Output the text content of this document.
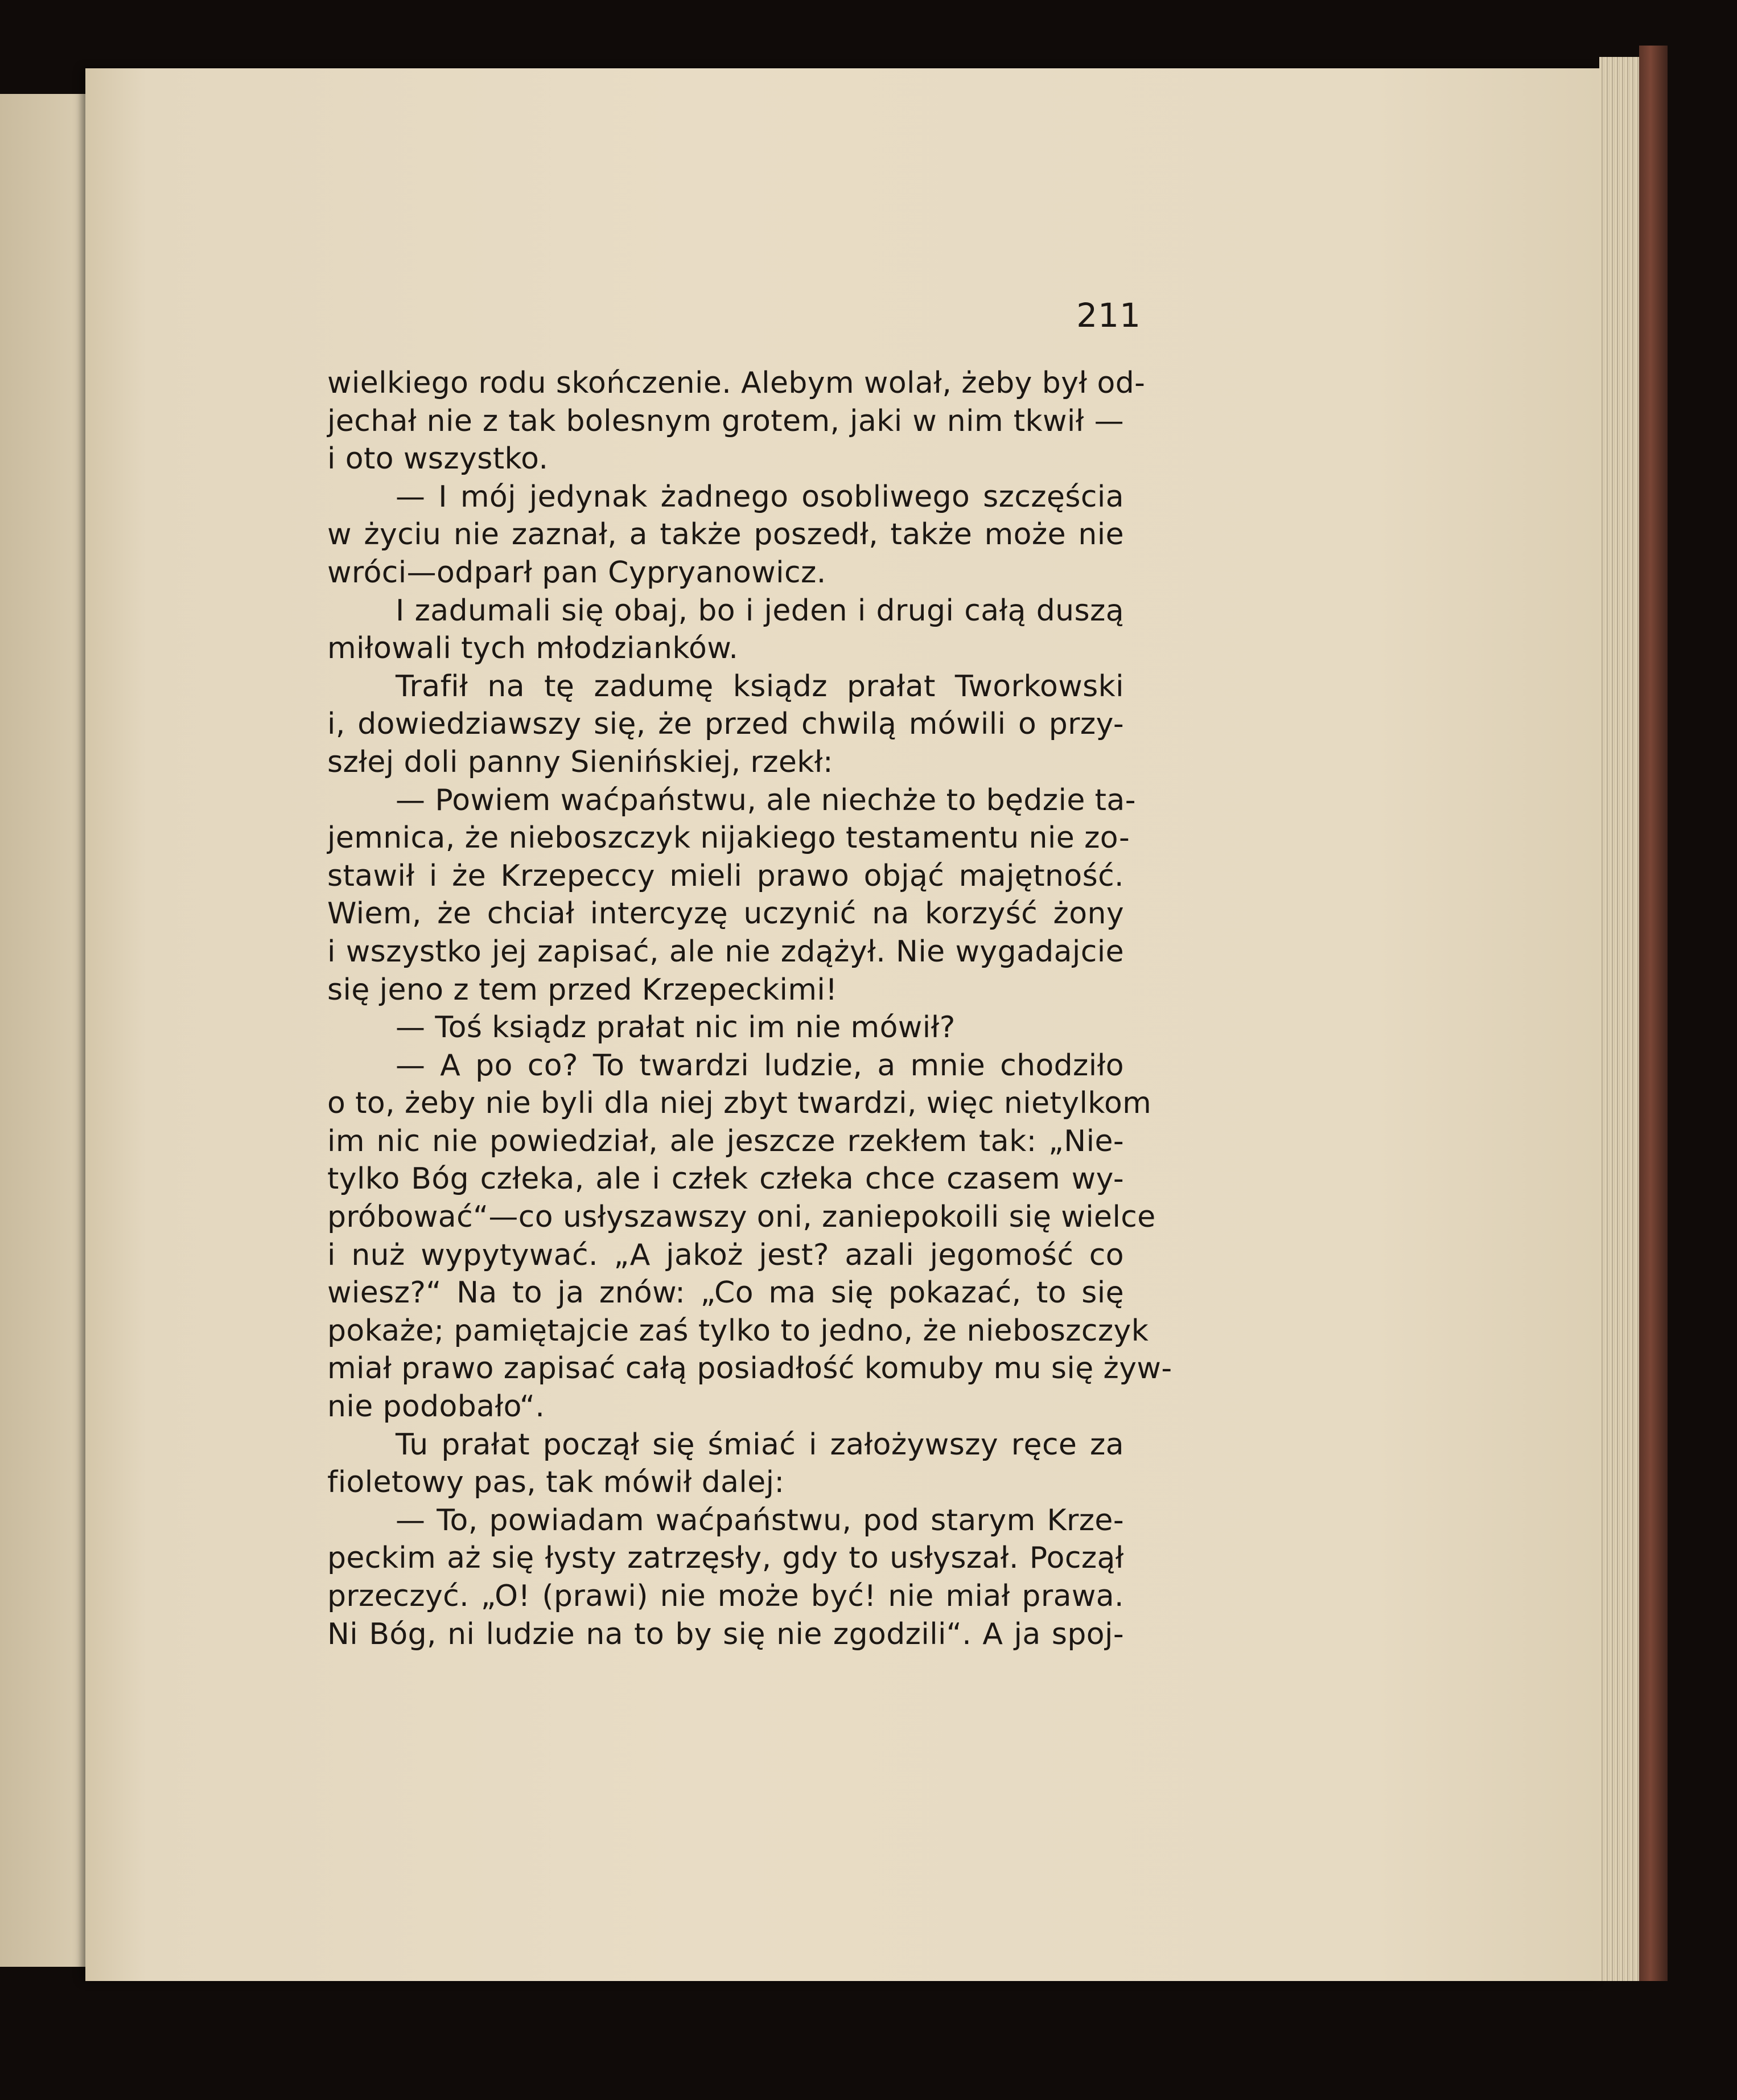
211
wielkiego rodu skończenie. Alebym wolał, żeby był od-
jechał nie z tak bolesnym grotem, jaki w nim tkwił —
i oto wszystko.
— I mój jedynak żadnego osobliwego szczęścia
w życiu nie zaznał, a także poszedł, także może nie
wróci—odparł pan Cypryanowicz.
I zadumali się obaj, bo i jeden i drugi całą duszą
miłowali tych młodzianków.
Trafił na tę zadumę ksiądz prałat Tworkowski
i, dowiedziawszy się, że przed chwilą mówili o przy-
szłej doli panny Sienińskiej, rzekł:
— Powiem waćpaństwu, ale niechże to będzie ta-
jemnica, że nieboszczyk nijakiego testamentu nie zo-
stawił i że Krzepeccy mieli prawo objąć majętność.
Wiem, że chciał intercyzę uczynić na korzyść żony
i wszystko jej zapisać, ale nie zdążył. Nie wygadajcie
się jeno z tem przed Krzepeckimi!
— Toś ksiądz prałat nic im nie mówił?
— A po co? To twardzi ludzie, a mnie chodziło
o to, żeby nie byli dla niej zbyt twardzi, więc nietylkom
im nic nie powiedział, ale jeszcze rzekłem tak: „Nie-
tylko Bóg człeka, ale i człek człeka chce czasem wy-
próbować“—co usłyszawszy oni, zaniepokoili się wielce
i nuż wypytywać. „A jakoż jest? azali jegomość co
wiesz?“ Na to ja znów: „Co ma się pokazać, to się
pokaże; pamiętajcie zaś tylko to jedno, że nieboszczyk
miał prawo zapisać całą posiadłość komuby mu się żyw-
nie podobało“.
Tu prałat począł się śmiać i założywszy ręce za
fioletowy pas, tak mówił dalej:
— To, powiadam waćpaństwu, pod starym Krze-
peckim aż się łysty zatrzęsły, gdy to usłyszał. Począł
przeczyć. „O! (prawi) nie może być! nie miał prawa.
Ni Bóg, ni ludzie na to by się nie zgodzili“. A ja spoj-
